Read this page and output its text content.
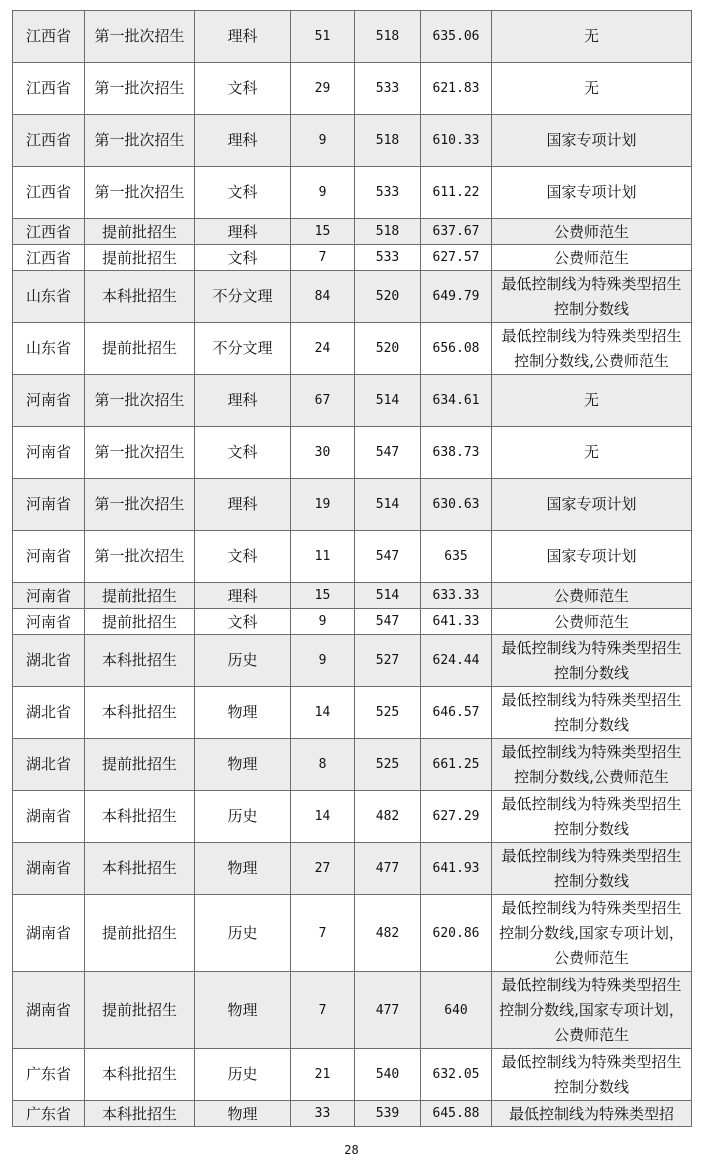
江西省	第一批次招生	理科	51	518	635.06	无
江西省	第一批次招生	文科	29	533	621.83	无
江西省	第一批次招生	理科	9	518	610.33	国家专项计划
江西省	第一批次招生	文科	9	533	611.22	国家专项计划
江西省	提前批招生	理科	15	518	637.67	公费师范生
江西省	提前批招生	文科	7	533	627.57	公费师范生
山东省	本科批招生	不分文理	84	520	649.79	最低控制线为特殊类型招生控制分数线
山东省	提前批招生	不分文理	24	520	656.08	最低控制线为特殊类型招生控制分数线,公费师范生
河南省	第一批次招生	理科	67	514	634.61	无
河南省	第一批次招生	文科	30	547	638.73	无
河南省	第一批次招生	理科	19	514	630.63	国家专项计划
河南省	第一批次招生	文科	11	547	635	国家专项计划
河南省	提前批招生	理科	15	514	633.33	公费师范生
河南省	提前批招生	文科	9	547	641.33	公费师范生
湖北省	本科批招生	历史	9	527	624.44	最低控制线为特殊类型招生控制分数线
湖北省	本科批招生	物理	14	525	646.57	最低控制线为特殊类型招生控制分数线
湖北省	提前批招生	物理	8	525	661.25	最低控制线为特殊类型招生控制分数线,公费师范生
湖南省	本科批招生	历史	14	482	627.29	最低控制线为特殊类型招生控制分数线
湖南省	本科批招生	物理	27	477	641.93	最低控制线为特殊类型招生控制分数线
湖南省	提前批招生	历史	7	482	620.86	最低控制线为特殊类型招生控制分数线,国家专项计划，公费师范生
湖南省	提前批招生	物理	7	477	640	最低控制线为特殊类型招生控制分数线,国家专项计划，公费师范生
广东省	本科批招生	历史	21	540	632.05	最低控制线为特殊类型招生控制分数线
广东省	本科批招生	物理	33	539	645.88	最低控制线为特殊类型招
28
